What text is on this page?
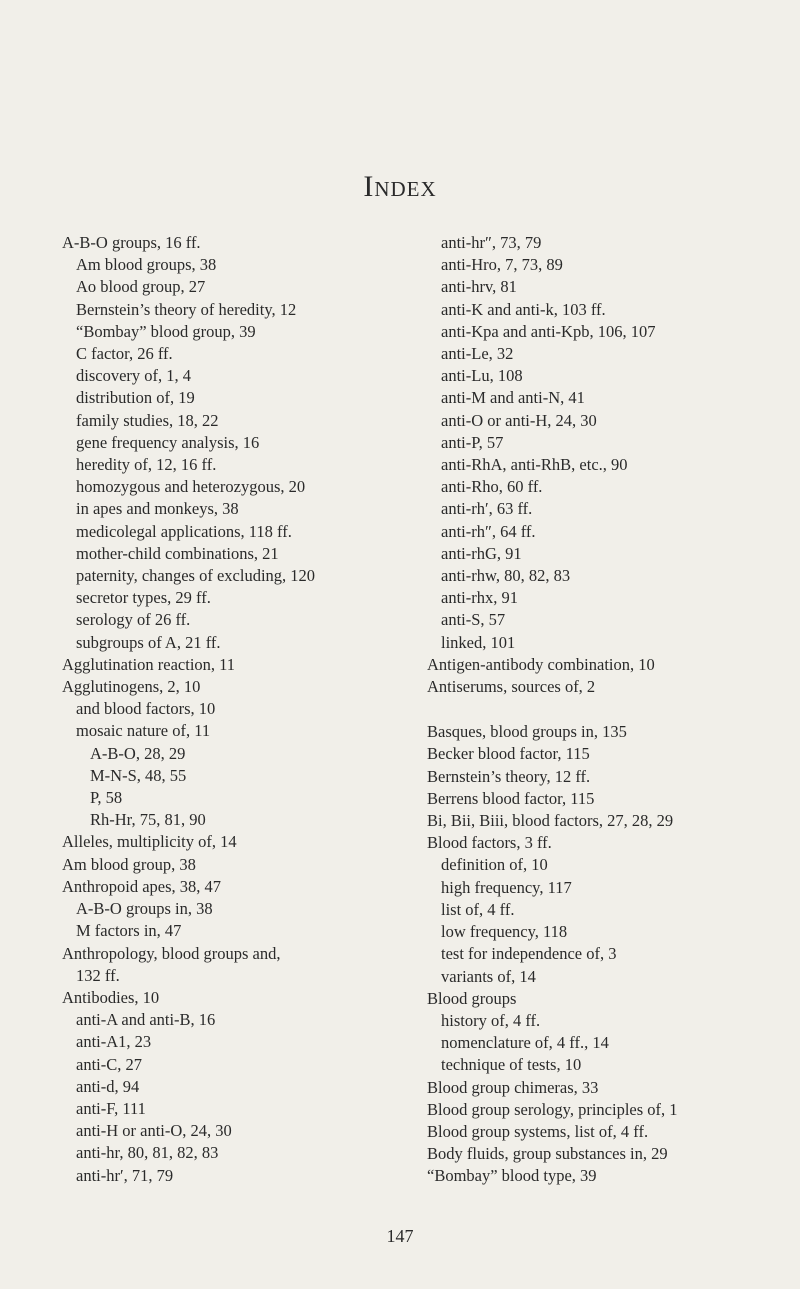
Index
A-B-O groups, 16 ff.
Am blood groups, 38
Ao blood group, 27
Bernstein’s theory of heredity, 12
“Bombay” blood group, 39
C factor, 26 ff.
discovery of, 1, 4
distribution of, 19
family studies, 18, 22
gene frequency analysis, 16
heredity of, 12, 16 ff.
homozygous and heterozygous, 20
in apes and monkeys, 38
medicolegal applications, 118 ff.
mother-child combinations, 21
paternity, changes of excluding, 120
secretor types, 29 ff.
serology of 26 ff.
subgroups of A, 21 ff.
Agglutination reaction, 11
Agglutinogens, 2, 10
and blood factors, 10
mosaic nature of, 11
A-B-O, 28, 29
M-N-S, 48, 55
P, 58
Rh-Hr, 75, 81, 90
Alleles, multiplicity of, 14
Am blood group, 38
Anthropoid apes, 38, 47
A-B-O groups in, 38
M factors in, 47
Anthropology, blood groups and,
132 ff.
Antibodies, 10
anti-A and anti-B, 16
anti-A1, 23
anti-C, 27
anti-d, 94
anti-F, 111
anti-H or anti-O, 24, 30
anti-hr, 80, 81, 82, 83
anti-hr′, 71, 79
anti-hr″, 73, 79
anti-Hro, 7, 73, 89
anti-hrv, 81
anti-K and anti-k, 103 ff.
anti-Kpa and anti-Kpb, 106, 107
anti-Le, 32
anti-Lu, 108
anti-M and anti-N, 41
anti-O or anti-H, 24, 30
anti-P, 57
anti-RhA, anti-RhB, etc., 90
anti-Rho, 60 ff.
anti-rh′, 63 ff.
anti-rh″, 64 ff.
anti-rhG, 91
anti-rhw, 80, 82, 83
anti-rhx, 91
anti-S, 57
linked, 101
Antigen-antibody combination, 10
Antiserums, sources of, 2
Basques, blood groups in, 135
Becker blood factor, 115
Bernstein’s theory, 12 ff.
Berrens blood factor, 115
Bi, Bii, Biii, blood factors, 27, 28, 29
Blood factors, 3 ff.
definition of, 10
high frequency, 117
list of, 4 ff.
low frequency, 118
test for independence of, 3
variants of, 14
Blood groups
history of, 4 ff.
nomenclature of, 4 ff., 14
technique of tests, 10
Blood group chimeras, 33
Blood group serology, principles of, 1
Blood group systems, list of, 4 ff.
Body fluids, group substances in, 29
“Bombay” blood type, 39
147
